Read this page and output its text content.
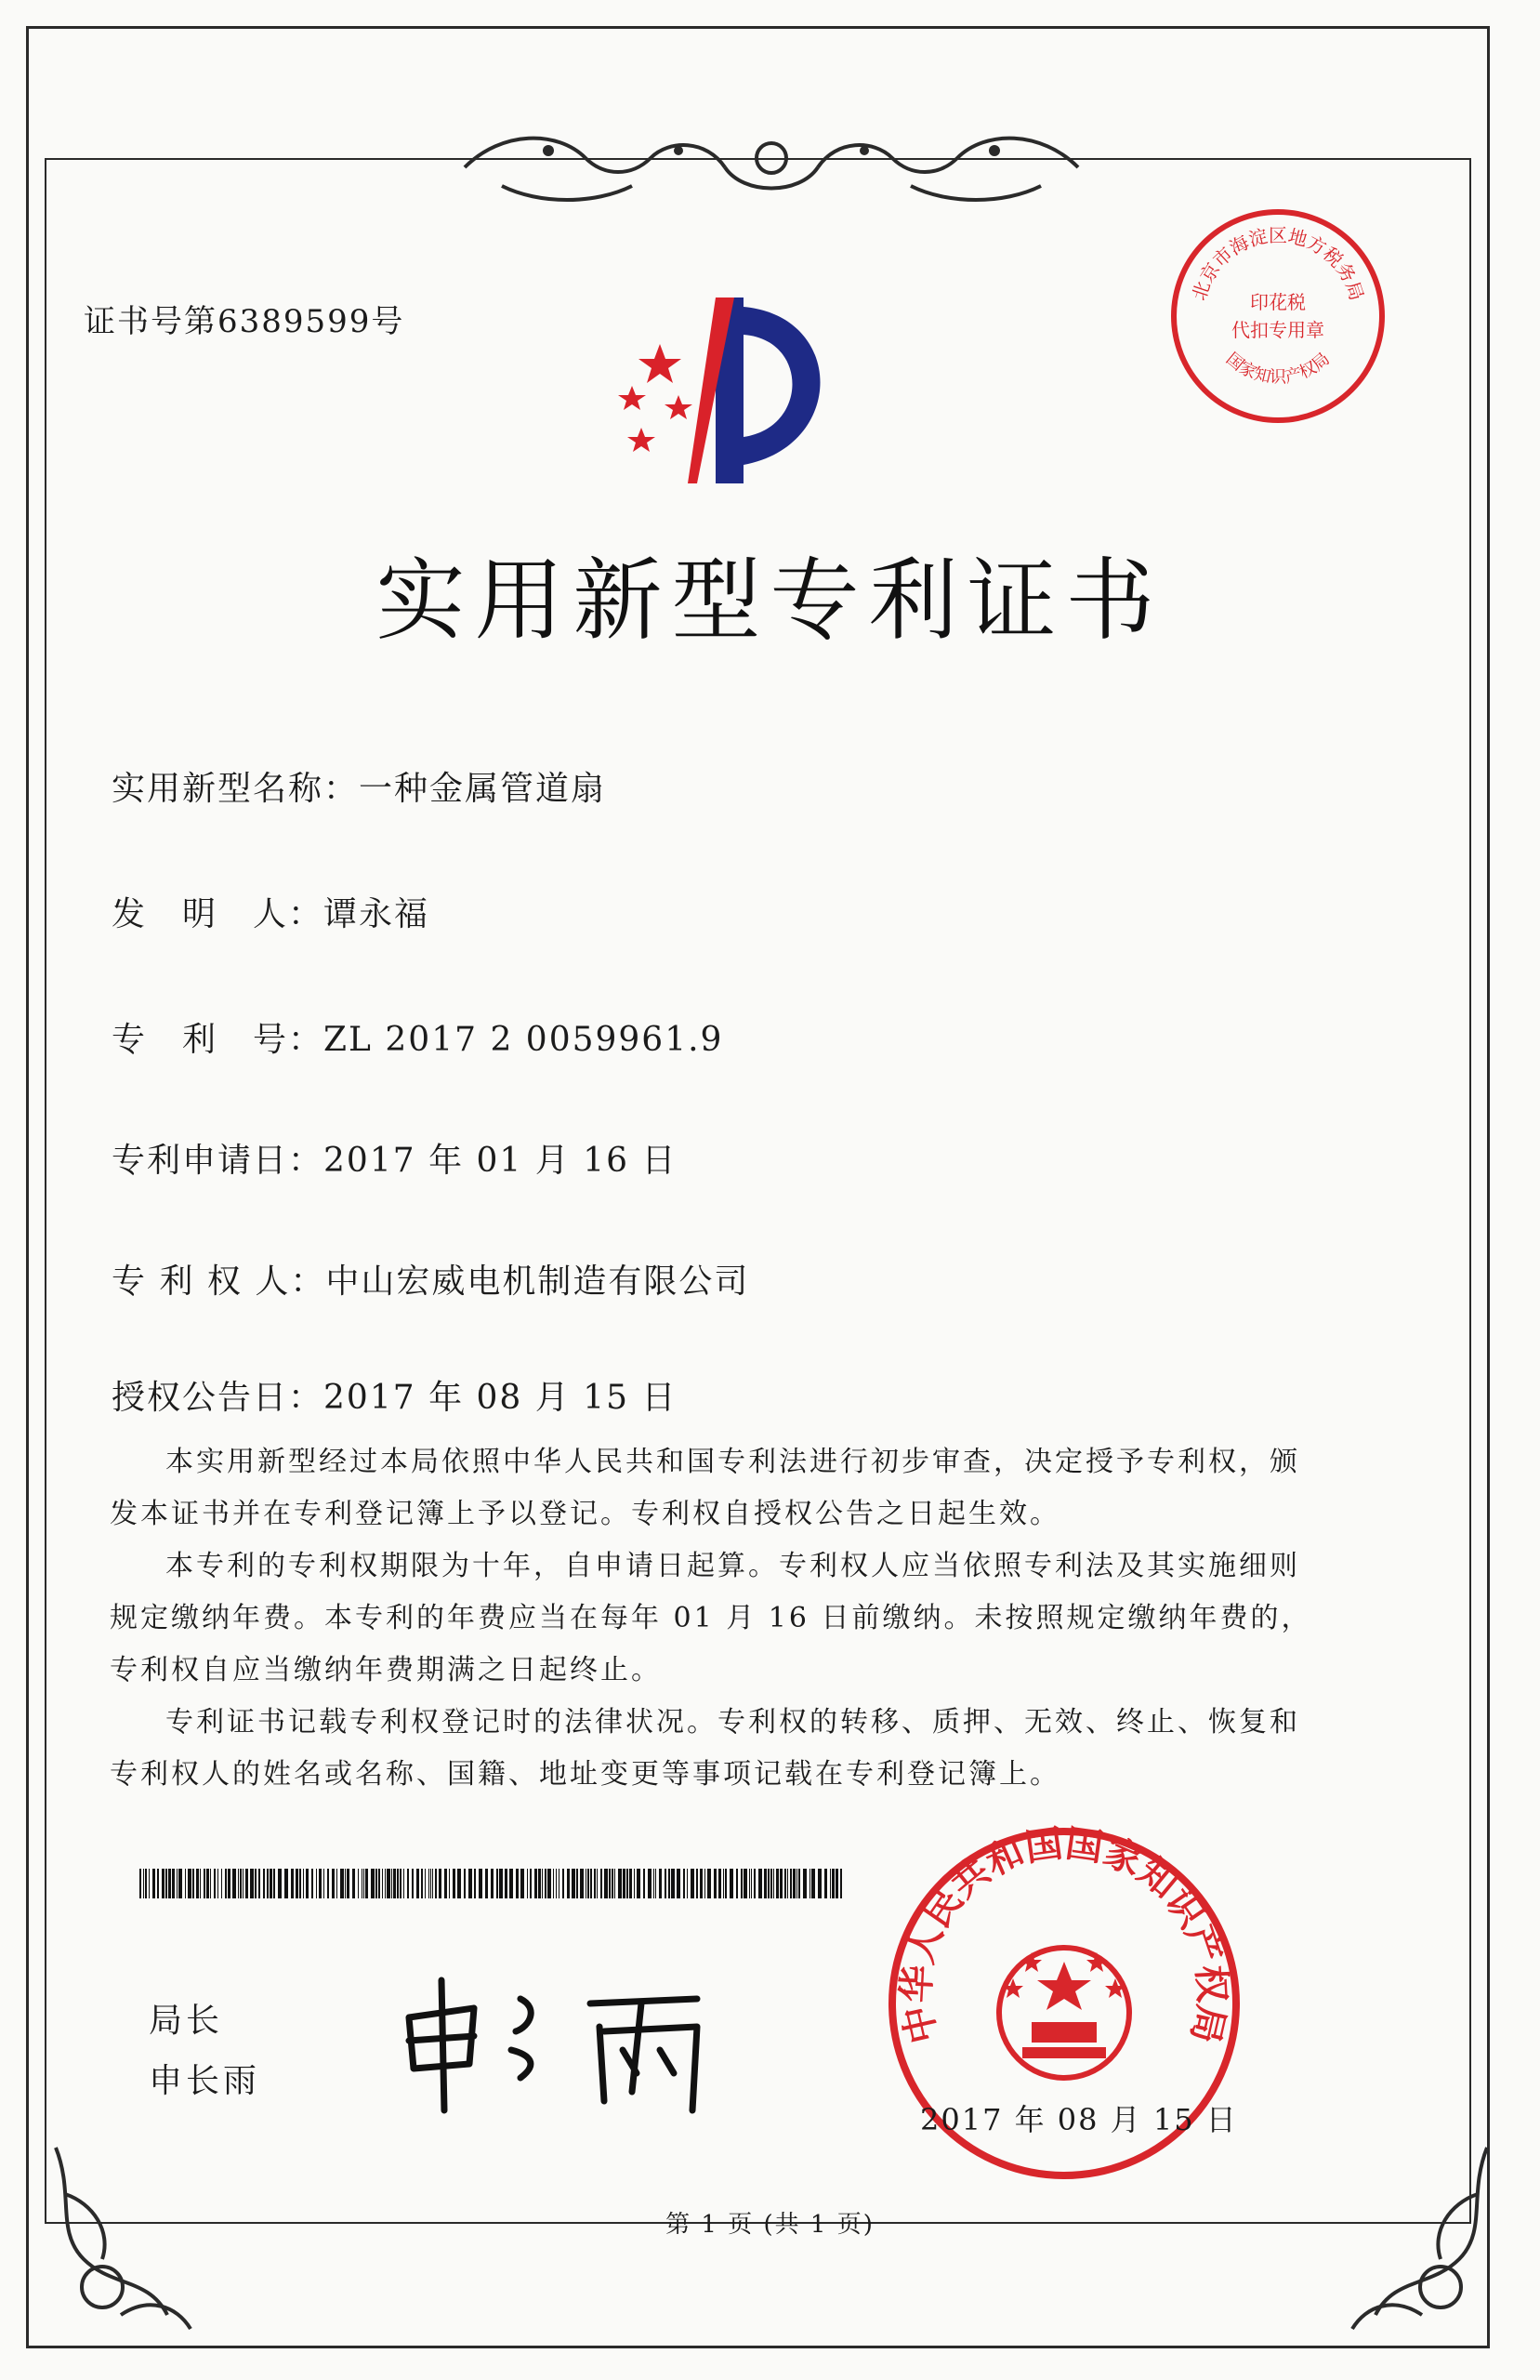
证书号第6389599号
北京市海淀区地方税务局
印花税
代扣专用章
国家知识产权局
实用新型专利证书
实用新型名称：一种金属管道扇
发　明　人：谭永福
专　利　号：ZL 2017 2 0059961.9
专利申请日：2017 年 01 月 16 日
专 利 权 人：中山宏威电机制造有限公司
授权公告日：2017 年 08 月 15 日

本实用新型经过本局依照中华人民共和国专利法进行初步审查，决定授予专利权，颁发本证书并在专利登记簿上予以登记。专利权自授权公告之日起生效。

本专利的专利权期限为十年，自申请日起算。专利权人应当依照专利法及其实施细则规定缴纳年费。本专利的年费应当在每年 01 月 16 日前缴纳。未按照规定缴纳年费的，专利权自应当缴纳年费期满之日起终止。

专利证书记载专利权登记时的法律状况。专利权的转移、质押、无效、终止、恢复和专利权人的姓名或名称、国籍、地址变更等事项记载在专利登记簿上。

局长
申长雨
中华人民共和国国家知识产权局
2017 年 08 月 15 日
第 1 页 (共 1 页)
